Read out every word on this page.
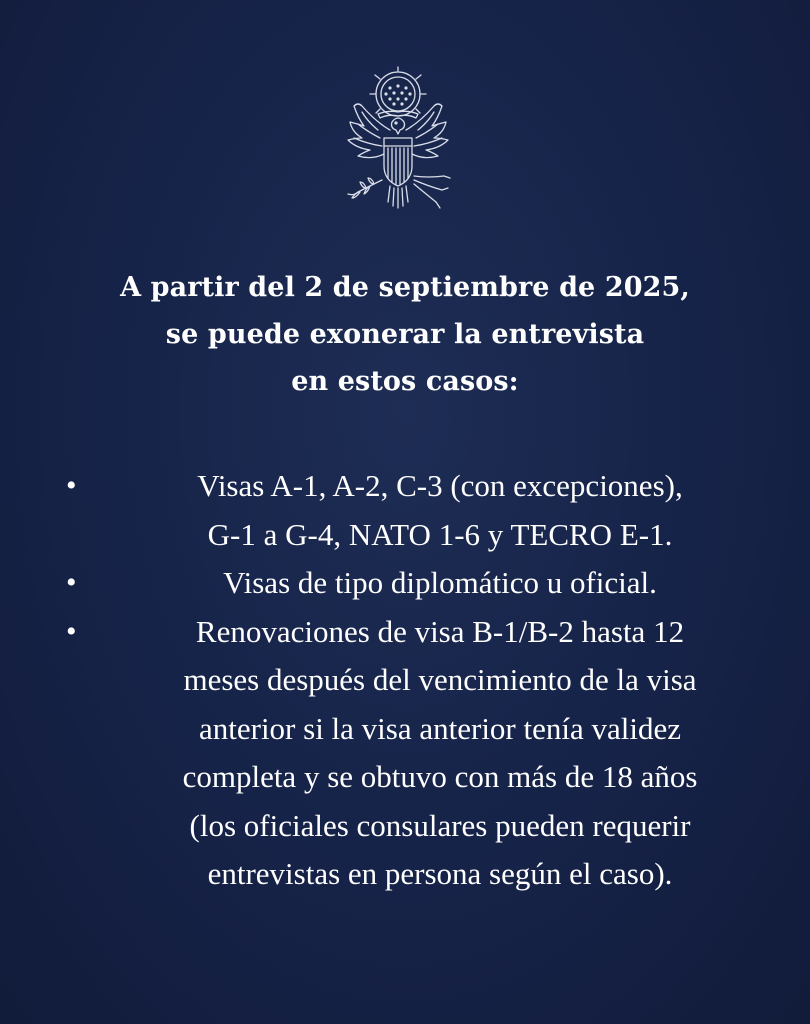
A partir del 2 de septiembre de 2025,
se puede exonerar la entrevista
en estos casos:
•	Visas A-1, A-2, C-3 (con excepciones),
G-1 a G-4, NATO 1-6 y TECRO E-1.
•	Visas de tipo diplomático u oficial.
•	Renovaciones de visa B-1/B-2 hasta 12
meses después del vencimiento de la visa
anterior si la visa anterior tenía validez
completa y se obtuvo con más de 18 años
(los oficiales consulares pueden requerir
entrevistas en persona según el caso).
